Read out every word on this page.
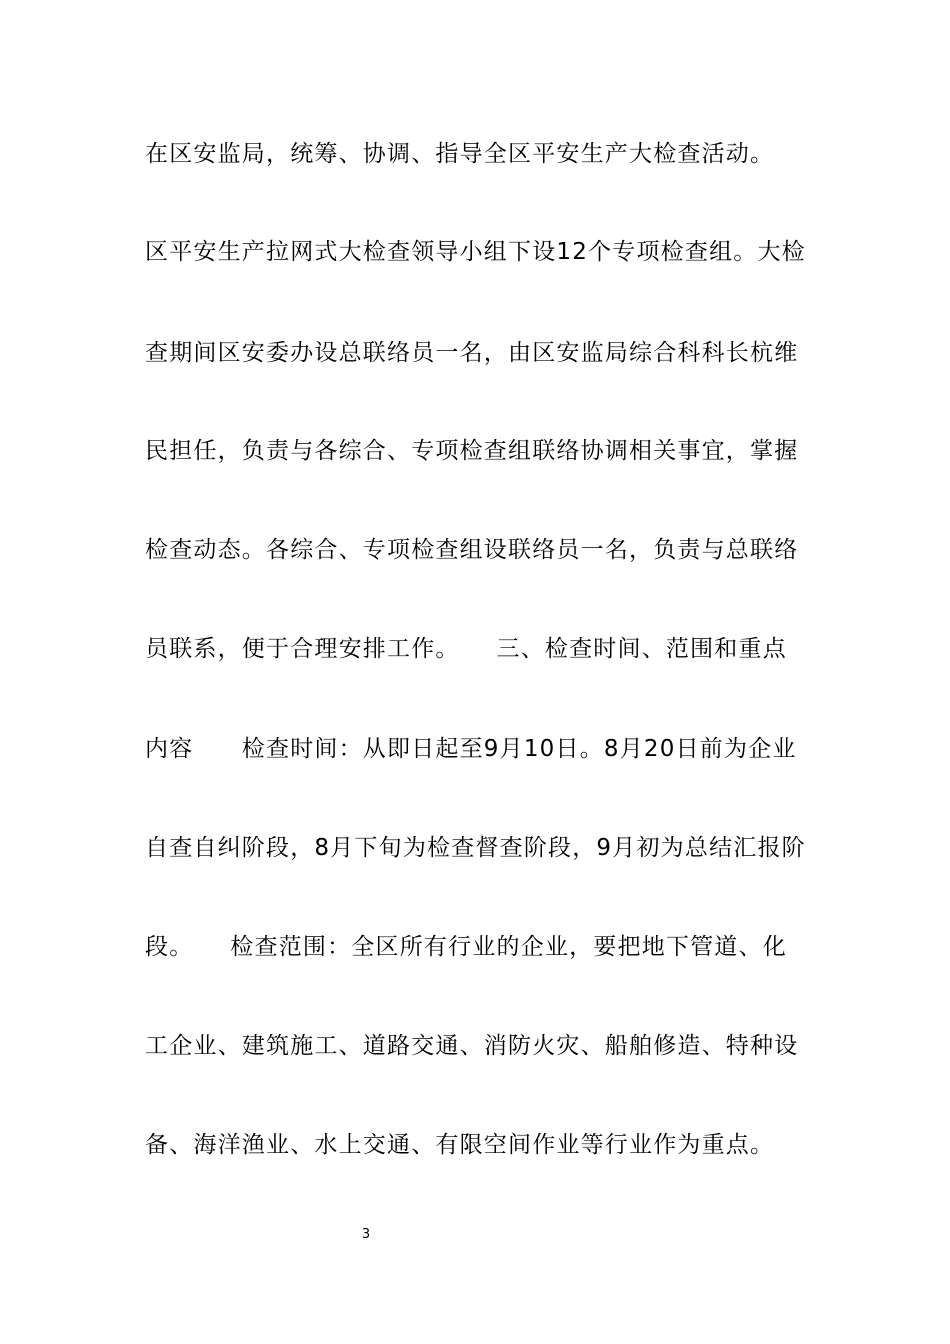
在区安监局，统筹、协调、指导全区平安生产大检查活动。
区平安生产拉网式大检查领导小组下设12个专项检查组。大检
查期间区安委办设总联络员一名，由区安监局综合科科长杭维
民担任，负责与各综合、专项检查组联络协调相关事宜，掌握
检查动态。各综合、专项检查组设联络员一名，负责与总联络
员联系，便于合理安排工作。　　三、检查时间、范围和重点
内容　　检查时间：从即日起至9月10日。8月20日前为企业
自查自纠阶段，8月下旬为检查督查阶段，9月初为总结汇报阶
段。　　检查范围：全区所有行业的企业，要把地下管道、化
工企业、建筑施工、道路交通、消防火灾、船舶修造、特种设
备、海洋渔业、水上交通、有限空间作业等行业作为重点。
3
